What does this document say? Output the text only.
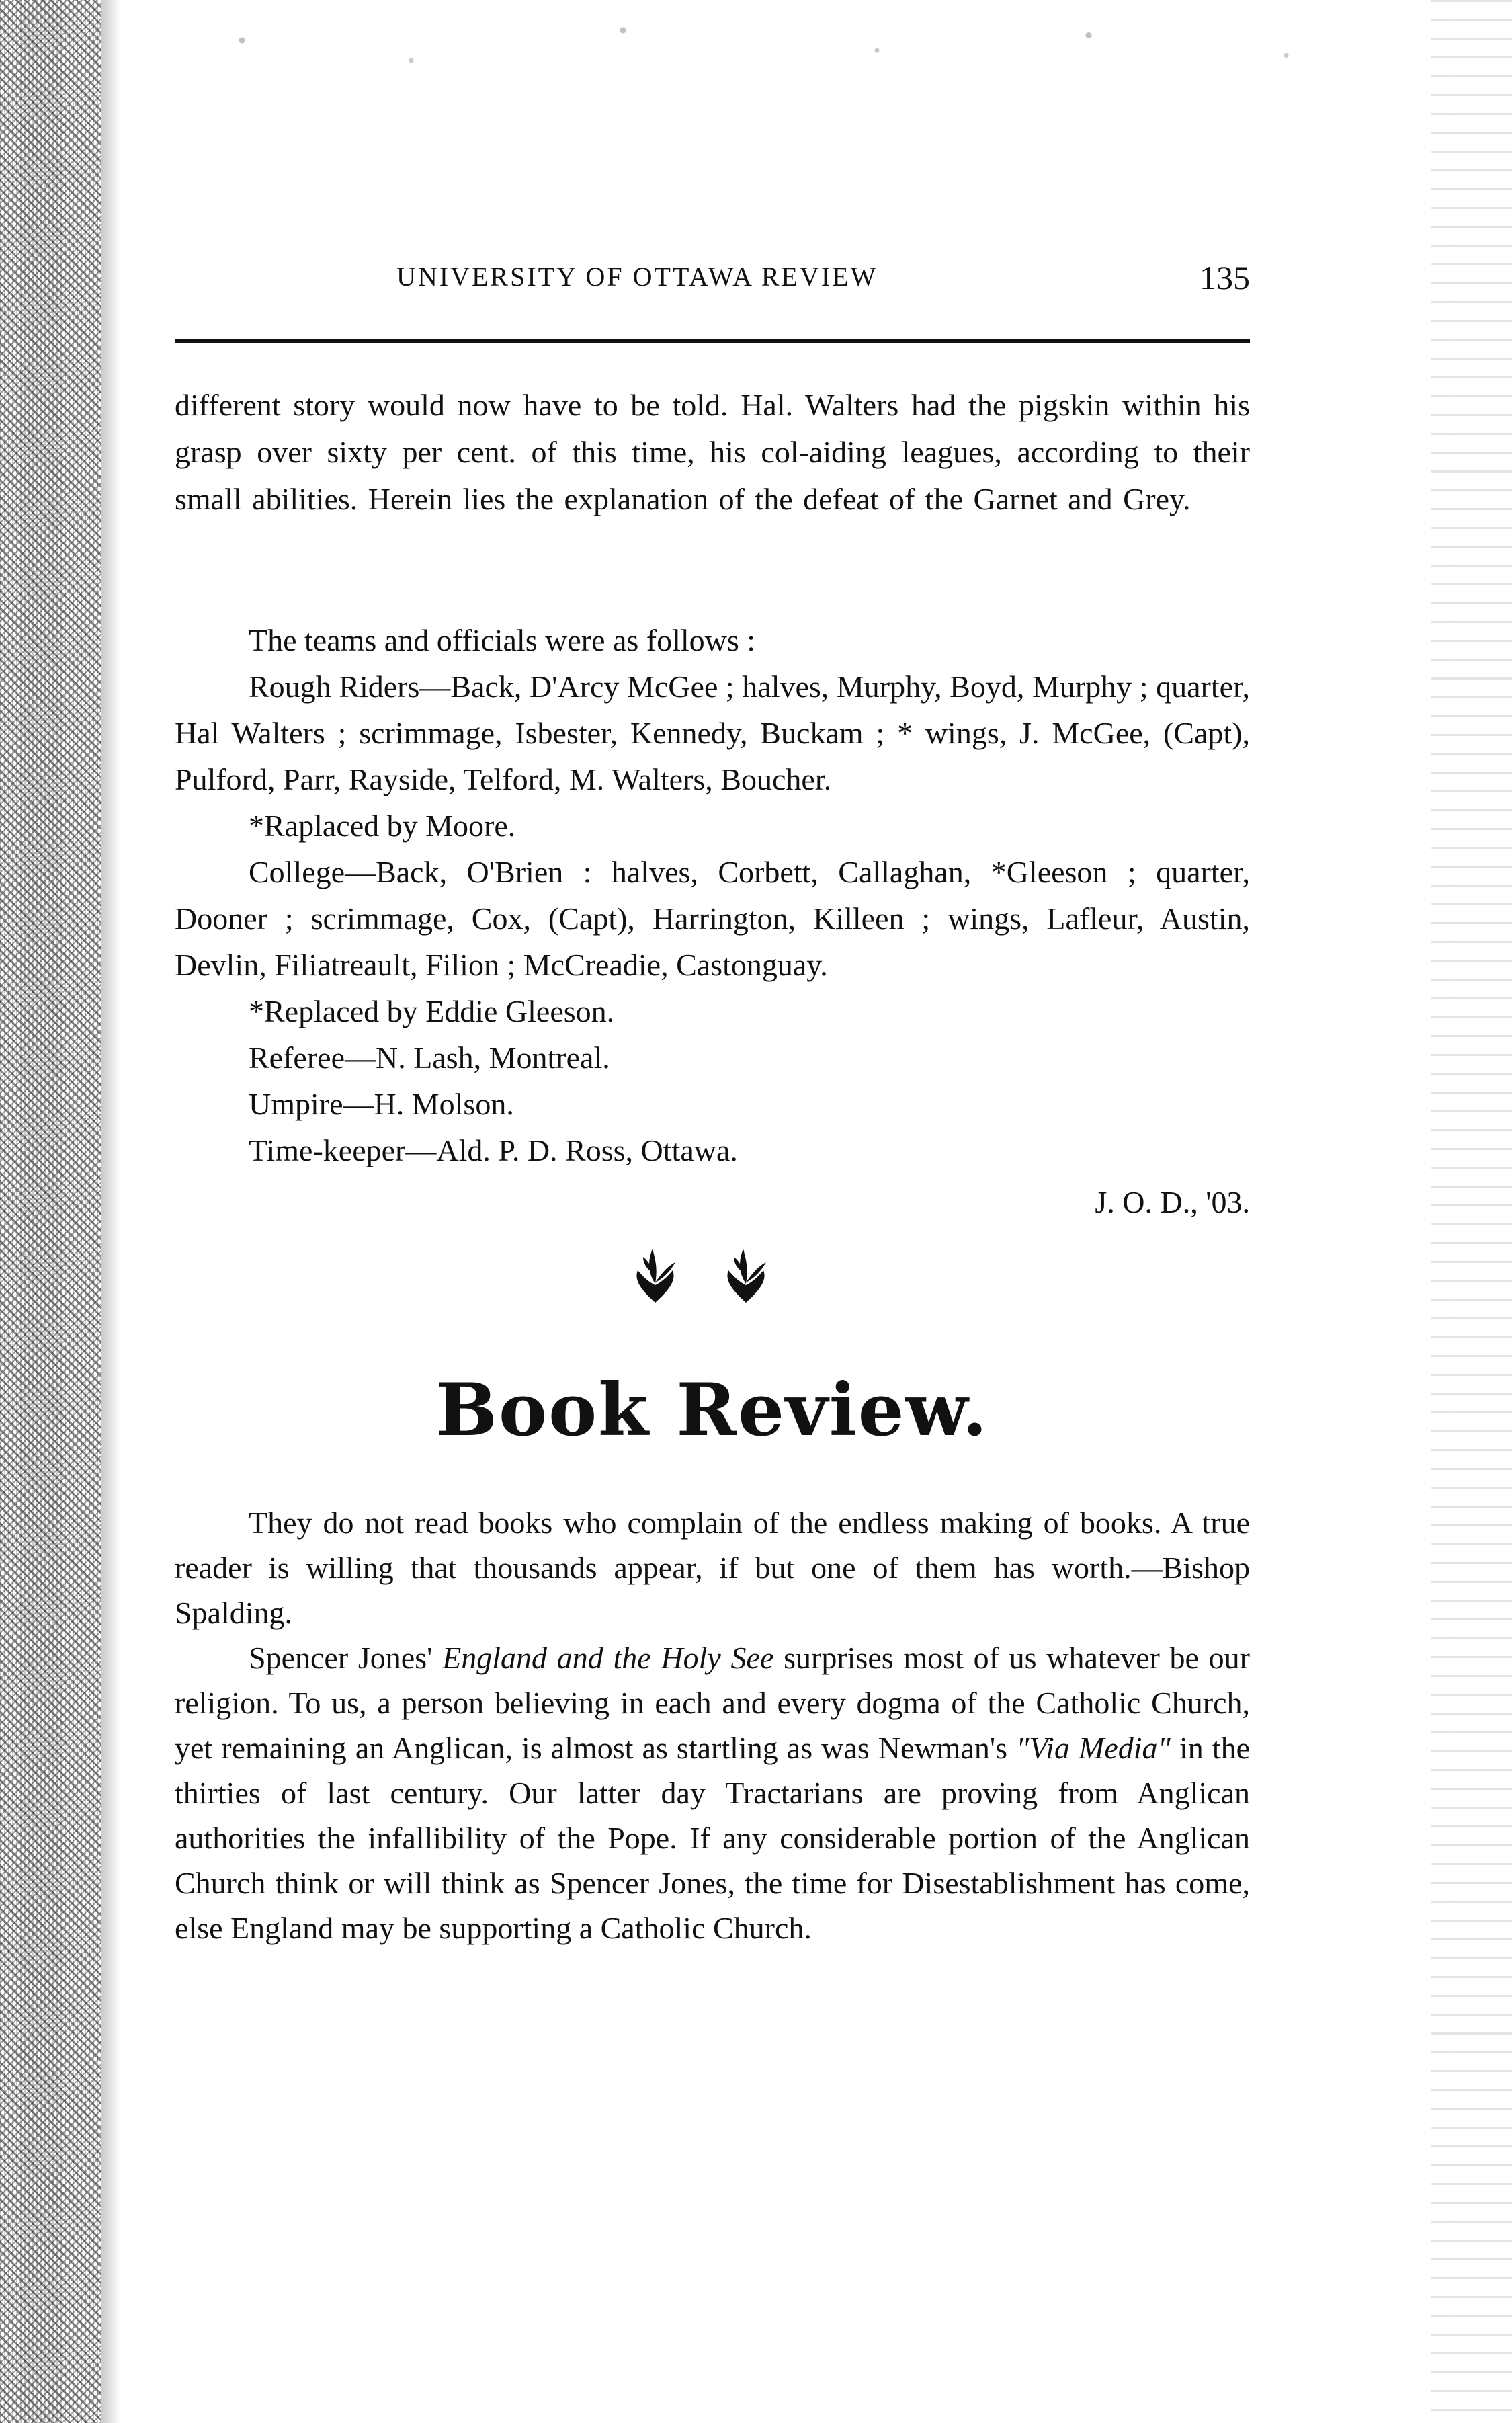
UNIVERSITY OF OTTAWA REVIEW	135

different story would now have to be told. Hal. Walters had the pigskin within his grasp over sixty per cent. of this time, his col-aiding leagues, according to their small abilities. Herein lies the explanation of the defeat of the Garnet and Grey.

The teams and officials were as follows :

Rough Riders—Back, D'Arcy McGee ; halves, Murphy, Boyd, Murphy ; quarter, Hal Walters ; scrimmage, Isbester, Kennedy, Buckam ; * wings, J. McGee, (Capt), Pulford, Parr, Rayside, Telford, M. Walters, Boucher.

*Raplaced by Moore.

College—Back, O'Brien : halves, Corbett, Callaghan, *Gleeson ; quarter, Dooner ; scrimmage, Cox, (Capt), Harrington, Killeen ; wings, Lafleur, Austin, Devlin, Filiatreault, Filion ; McCreadie, Castonguay.

*Replaced by Eddie Gleeson.

Referee—N. Lash, Montreal.

Umpire—H. Molson.

Time-keeper—Ald. P. D. Ross, Ottawa.

J. O. D., '03.
Book Review.

They do not read books who complain of the endless making of books. A true reader is willing that thousands appear, if but one of them has worth.—Bishop Spalding.

Spencer Jones' England and the Holy See surprises most of us whatever be our religion. To us, a person believing in each and every dogma of the Catholic Church, yet remaining an Anglican, is almost as startling as was Newman's "Via Media" in the thirties of last century. Our latter day Tractarians are proving from Anglican authorities the infallibility of the Pope. If any considerable portion of the Anglican Church think or will think as Spencer Jones, the time for Disestablishment has come, else England may be supporting a Catholic Church.
